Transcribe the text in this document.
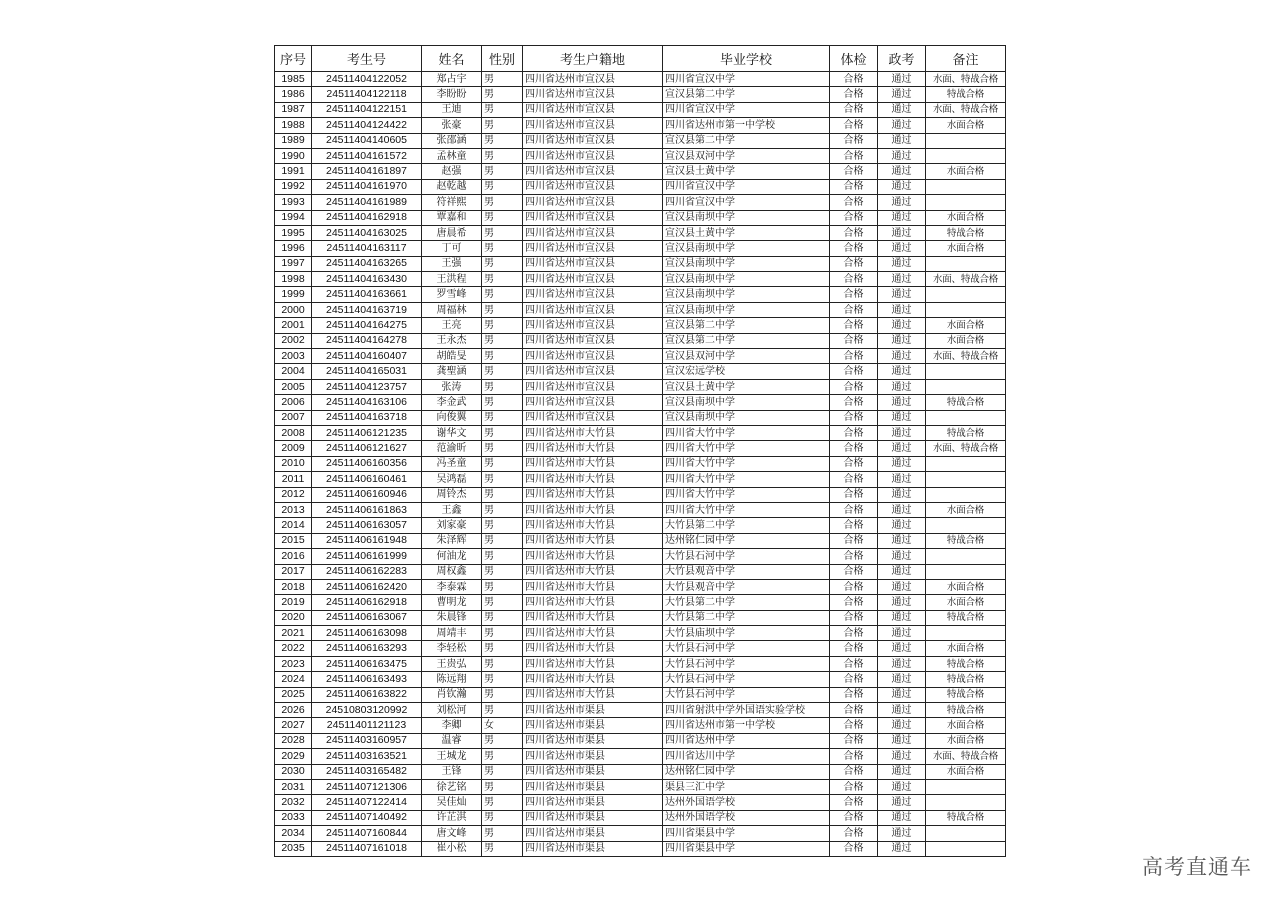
序号	考生号	姓名	性别	考生户籍地	毕业学校	体检	政考	备注
1985	24511404122052	郑占宇	男	四川省达州市宣汉县	四川省宣汉中学	合格	通过	水面、特战合格
1986	24511404122118	李盼盼	男	四川省达州市宣汉县	宣汉县第二中学	合格	通过	特战合格
1987	24511404122151	王迪	男	四川省达州市宣汉县	四川省宣汉中学	合格	通过	水面、特战合格
1988	24511404124422	张豪	男	四川省达州市宣汉县	四川省达州市第一中学校	合格	通过	水面合格
1989	24511404140605	张邵涵	男	四川省达州市宣汉县	宣汉县第二中学	合格	通过	
1990	24511404161572	孟林童	男	四川省达州市宣汉县	宣汉县双河中学	合格	通过	
1991	24511404161897	赵强	男	四川省达州市宣汉县	宣汉县土黄中学	合格	通过	水面合格
1992	24511404161970	赵乾越	男	四川省达州市宣汉县	四川省宣汉中学	合格	通过	
1993	24511404161989	符祥熙	男	四川省达州市宣汉县	四川省宣汉中学	合格	通过	
1994	24511404162918	覃嘉和	男	四川省达州市宣汉县	宣汉县南坝中学	合格	通过	水面合格
1995	24511404163025	唐晨希	男	四川省达州市宣汉县	宣汉县土黄中学	合格	通过	特战合格
1996	24511404163117	丁可	男	四川省达州市宣汉县	宣汉县南坝中学	合格	通过	水面合格
1997	24511404163265	王强	男	四川省达州市宣汉县	宣汉县南坝中学	合格	通过	
1998	24511404163430	王洪程	男	四川省达州市宣汉县	宣汉县南坝中学	合格	通过	水面、特战合格
1999	24511404163661	罗雪峰	男	四川省达州市宣汉县	宣汉县南坝中学	合格	通过	
2000	24511404163719	周福林	男	四川省达州市宣汉县	宣汉县南坝中学	合格	通过	
2001	24511404164275	王亮	男	四川省达州市宣汉县	宣汉县第二中学	合格	通过	水面合格
2002	24511404164278	王永杰	男	四川省达州市宣汉县	宣汉县第二中学	合格	通过	水面合格
2003	24511404160407	胡皓旻	男	四川省达州市宣汉县	宣汉县双河中学	合格	通过	水面、特战合格
2004	24511404165031	龚聖涵	男	四川省达州市宣汉县	宣汉宏远学校	合格	通过	
2005	24511404123757	张涛	男	四川省达州市宣汉县	宣汉县土黄中学	合格	通过	
2006	24511404163106	李金武	男	四川省达州市宣汉县	宣汉县南坝中学	合格	通过	特战合格
2007	24511404163718	向俊翼	男	四川省达州市宣汉县	宣汉县南坝中学	合格	通过	
2008	24511406121235	谢华文	男	四川省达州市大竹县	四川省大竹中学	合格	通过	特战合格
2009	24511406121627	范渝昕	男	四川省达州市大竹县	四川省大竹中学	合格	通过	水面、特战合格
2010	24511406160356	冯圣童	男	四川省达州市大竹县	四川省大竹中学	合格	通过	
2011	24511406160461	吴鸿磊	男	四川省达州市大竹县	四川省大竹中学	合格	通过	
2012	24511406160946	周铃杰	男	四川省达州市大竹县	四川省大竹中学	合格	通过	
2013	24511406161863	王鑫	男	四川省达州市大竹县	四川省大竹中学	合格	通过	水面合格
2014	24511406163057	刘家豪	男	四川省达州市大竹县	大竹县第二中学	合格	通过	
2015	24511406161948	朱泽辉	男	四川省达州市大竹县	达州铭仁园中学	合格	通过	特战合格
2016	24511406161999	何油龙	男	四川省达州市大竹县	大竹县石河中学	合格	通过	
2017	24511406162283	周权鑫	男	四川省达州市大竹县	大竹县观音中学	合格	通过	
2018	24511406162420	李泰霖	男	四川省达州市大竹县	大竹县观音中学	合格	通过	水面合格
2019	24511406162918	曹明龙	男	四川省达州市大竹县	大竹县第二中学	合格	通过	水面合格
2020	24511406163067	朱晨锋	男	四川省达州市大竹县	大竹县第二中学	合格	通过	特战合格
2021	24511406163098	周靖丰	男	四川省达州市大竹县	大竹县庙坝中学	合格	通过	
2022	24511406163293	李轻松	男	四川省达州市大竹县	大竹县石河中学	合格	通过	水面合格
2023	24511406163475	王贵弘	男	四川省达州市大竹县	大竹县石河中学	合格	通过	特战合格
2024	24511406163493	陈远翔	男	四川省达州市大竹县	大竹县石河中学	合格	通过	特战合格
2025	24511406163822	肖钦瀚	男	四川省达州市大竹县	大竹县石河中学	合格	通过	特战合格
2026	24510803120992	刘松河	男	四川省达州市渠县	四川省射洪中学外国语实验学校	合格	通过	特战合格
2027	24511401121123	李卿	女	四川省达州市渠县	四川省达州市第一中学校	合格	通过	水面合格
2028	24511403160957	温睿	男	四川省达州市渠县	四川省达州中学	合格	通过	水面合格
2029	24511403163521	王城龙	男	四川省达州市渠县	四川省达川中学	合格	通过	水面、特战合格
2030	24511403165482	王锋	男	四川省达州市渠县	达州铭仁园中学	合格	通过	水面合格
2031	24511407121306	徐艺铭	男	四川省达州市渠县	渠县三汇中学	合格	通过	
2032	24511407122414	吴佳灿	男	四川省达州市渠县	达州外国语学校	合格	通过	
2033	24511407140492	许芷淇	男	四川省达州市渠县	达州外国语学校	合格	通过	特战合格
2034	24511407160844	唐文峰	男	四川省达州市渠县	四川省渠县中学	合格	通过	
2035	24511407161018	崔小松	男	四川省达州市渠县	四川省渠县中学	合格	通过	
高考直通车
